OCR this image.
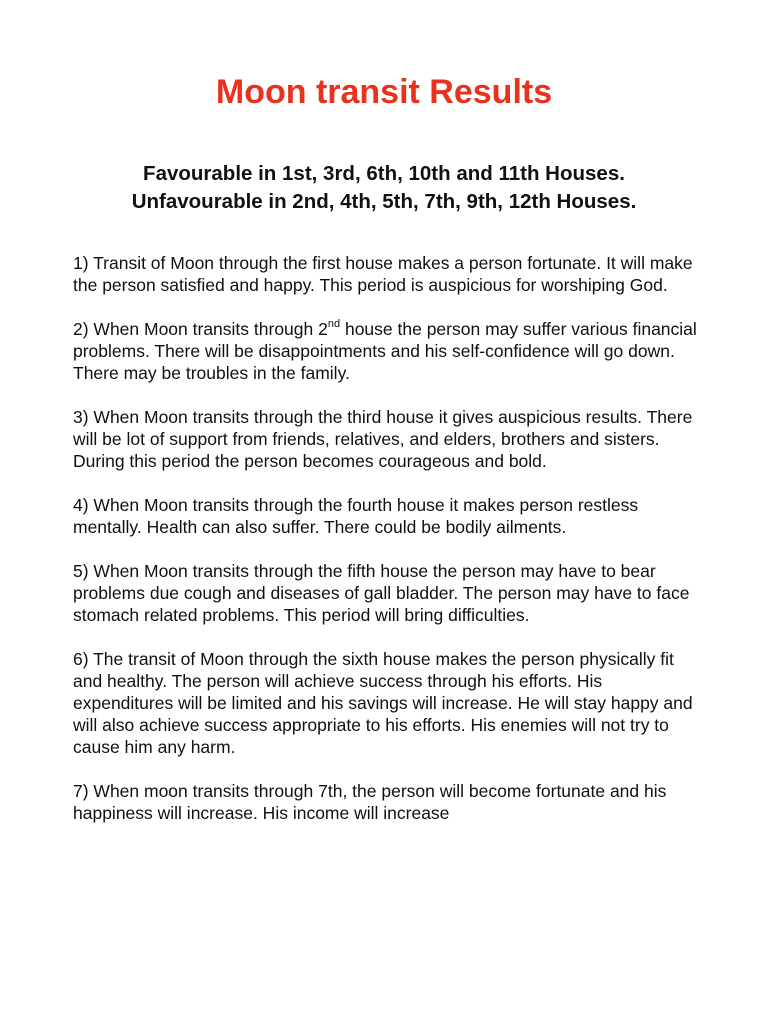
Moon transit Results
Favourable in 1st, 3rd, 6th, 10th and 11th Houses.
Unfavourable in 2nd, 4th, 5th, 7th, 9th, 12th Houses.

1) Transit of Moon through the first house makes a person fortunate. It will make the person satisfied and happy. This period is auspicious for worshiping God.

2) When Moon transits through 2nd house the person may suffer various financial problems. There will be disappointments and his self-confidence will go down. There may be troubles in the family.

3) When Moon transits through the third house it gives auspicious results. There will be lot of support from friends, relatives, and elders, brothers and sisters. During this period the person becomes courageous and bold.

4) When Moon transits through the fourth house it makes person restless mentally. Health can also suffer. There could be bodily ailments.

5) When Moon transits through the fifth house the person may have to bear problems due cough and diseases of gall bladder. The person may have to face stomach related problems. This period will bring difficulties.

6) The transit of Moon through the sixth house makes the person physically fit and healthy. The person will achieve success through his efforts. His expenditures will be limited and his savings will increase. He will stay happy and will also achieve success appropriate to his efforts. His enemies will not try to cause him any harm.

7) When moon transits through 7th, the person will become fortunate and his happiness will increase. His income will increase
